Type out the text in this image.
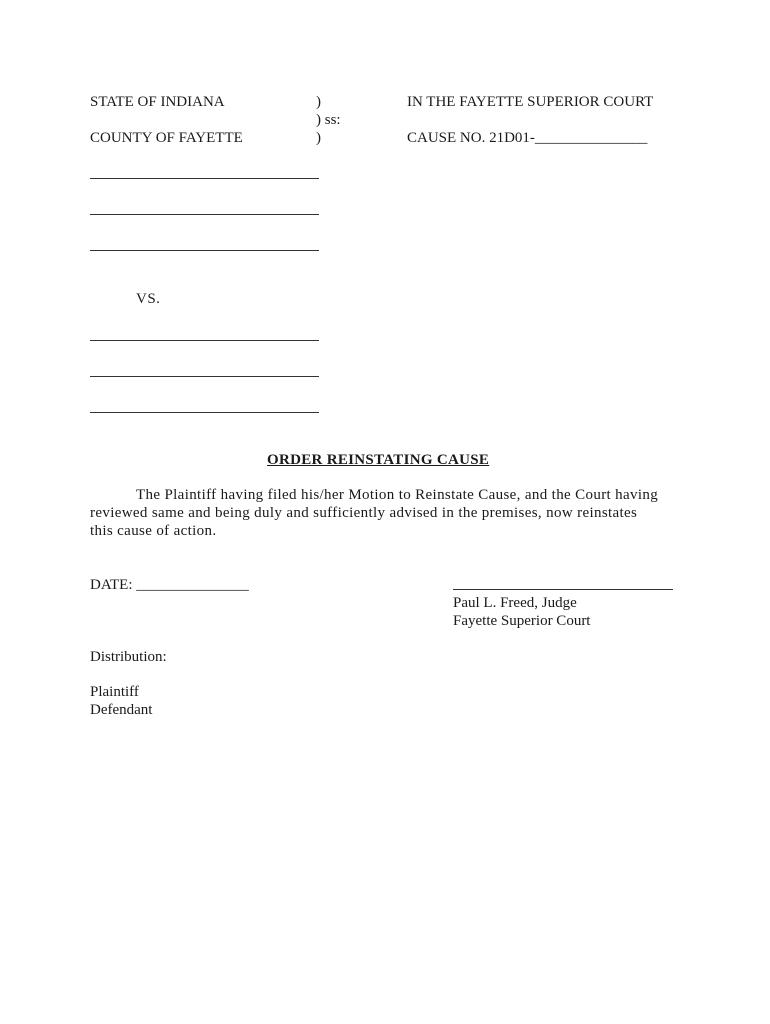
STATE OF INDIANA
COUNTY OF FAYETTE
)
) ss:
)
IN THE FAYETTE SUPERIOR COURT
CAUSE NO. 21D01-_______________
VS.
ORDER REINSTATING CAUSE
The Plaintiff having filed his/her Motion to Reinstate Cause, and the Court having reviewed same and being duly and sufficiently advised in the premises, now reinstates this cause of action.
DATE: _______________
Paul L. Freed, Judge
Fayette Superior Court
Distribution:
Plaintiff
Defendant
